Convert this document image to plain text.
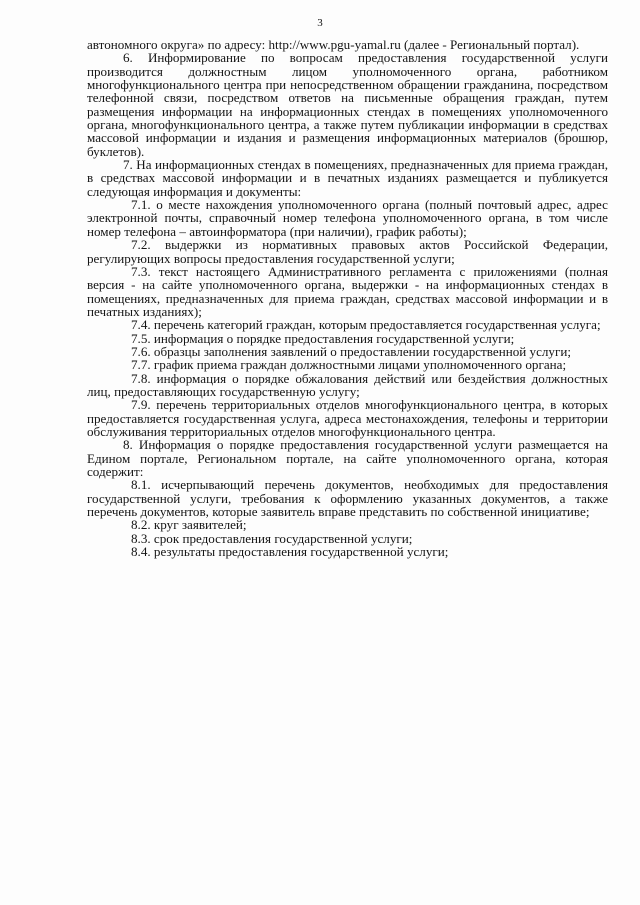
3

автономного округа» по адресу: http://www.pgu-yamal.ru (далее - Региональный портал).

6. Информирование по вопросам предоставления государственной услуги производится должностным лицом уполномоченного органа, работником многофункционального центра при непосредственном обращении гражданина, посредством телефонной связи, посредством ответов на письменные обращения граждан, путем размещения информации на информационных стендах в помещениях уполномоченного органа, многофункционального центра, а также путем публикации информации в средствах массовой информации и издания и размещения информационных материалов (брошюр, буклетов).

7. На информационных стендах в помещениях, предназначенных для приема граждан, в средствах массовой информации и в печатных изданиях размещается и публикуется следующая информация и документы:

7.1. о месте нахождения уполномоченного органа (полный почтовый адрес, адрес электронной почты, справочный номер телефона уполномоченного органа, в том числе номер телефона – автоинформатора (при наличии), график работы);

7.2. выдержки из нормативных правовых актов Российской Федерации, регулирующих вопросы предоставления государственной услуги;

7.3. текст настоящего Административного регламента с приложениями (полная версия - на сайте уполномоченного органа, выдержки - на информационных стендах в помещениях, предназначенных для приема граждан, средствах массовой информации и в печатных изданиях);

7.4. перечень категорий граждан, которым предоставляется государственная услуга;

7.5. информация о порядке предоставления государственной услуги;

7.6. образцы заполнения заявлений о предоставлении государственной услуги;

7.7. график приема граждан должностными лицами уполномоченного органа;

7.8. информация о порядке обжалования действий или бездействия должностных лиц, предоставляющих государственную услугу;

7.9. перечень территориальных отделов многофункционального центра, в которых предоставляется государственная услуга, адреса местонахождения, телефоны и территории обслуживания территориальных отделов многофункционального центра.

8. Информация о порядке предоставления государственной услуги размещается на Едином портале, Региональном портале, на сайте уполномоченного органа, которая содержит:

8.1. исчерпывающий перечень документов, необходимых для предоставления государственной услуги, требования к оформлению указанных документов, а также перечень документов, которые заявитель вправе представить по собственной инициативе;

8.2. круг заявителей;

8.3. срок предоставления государственной услуги;

8.4. результаты предоставления государственной услуги;
